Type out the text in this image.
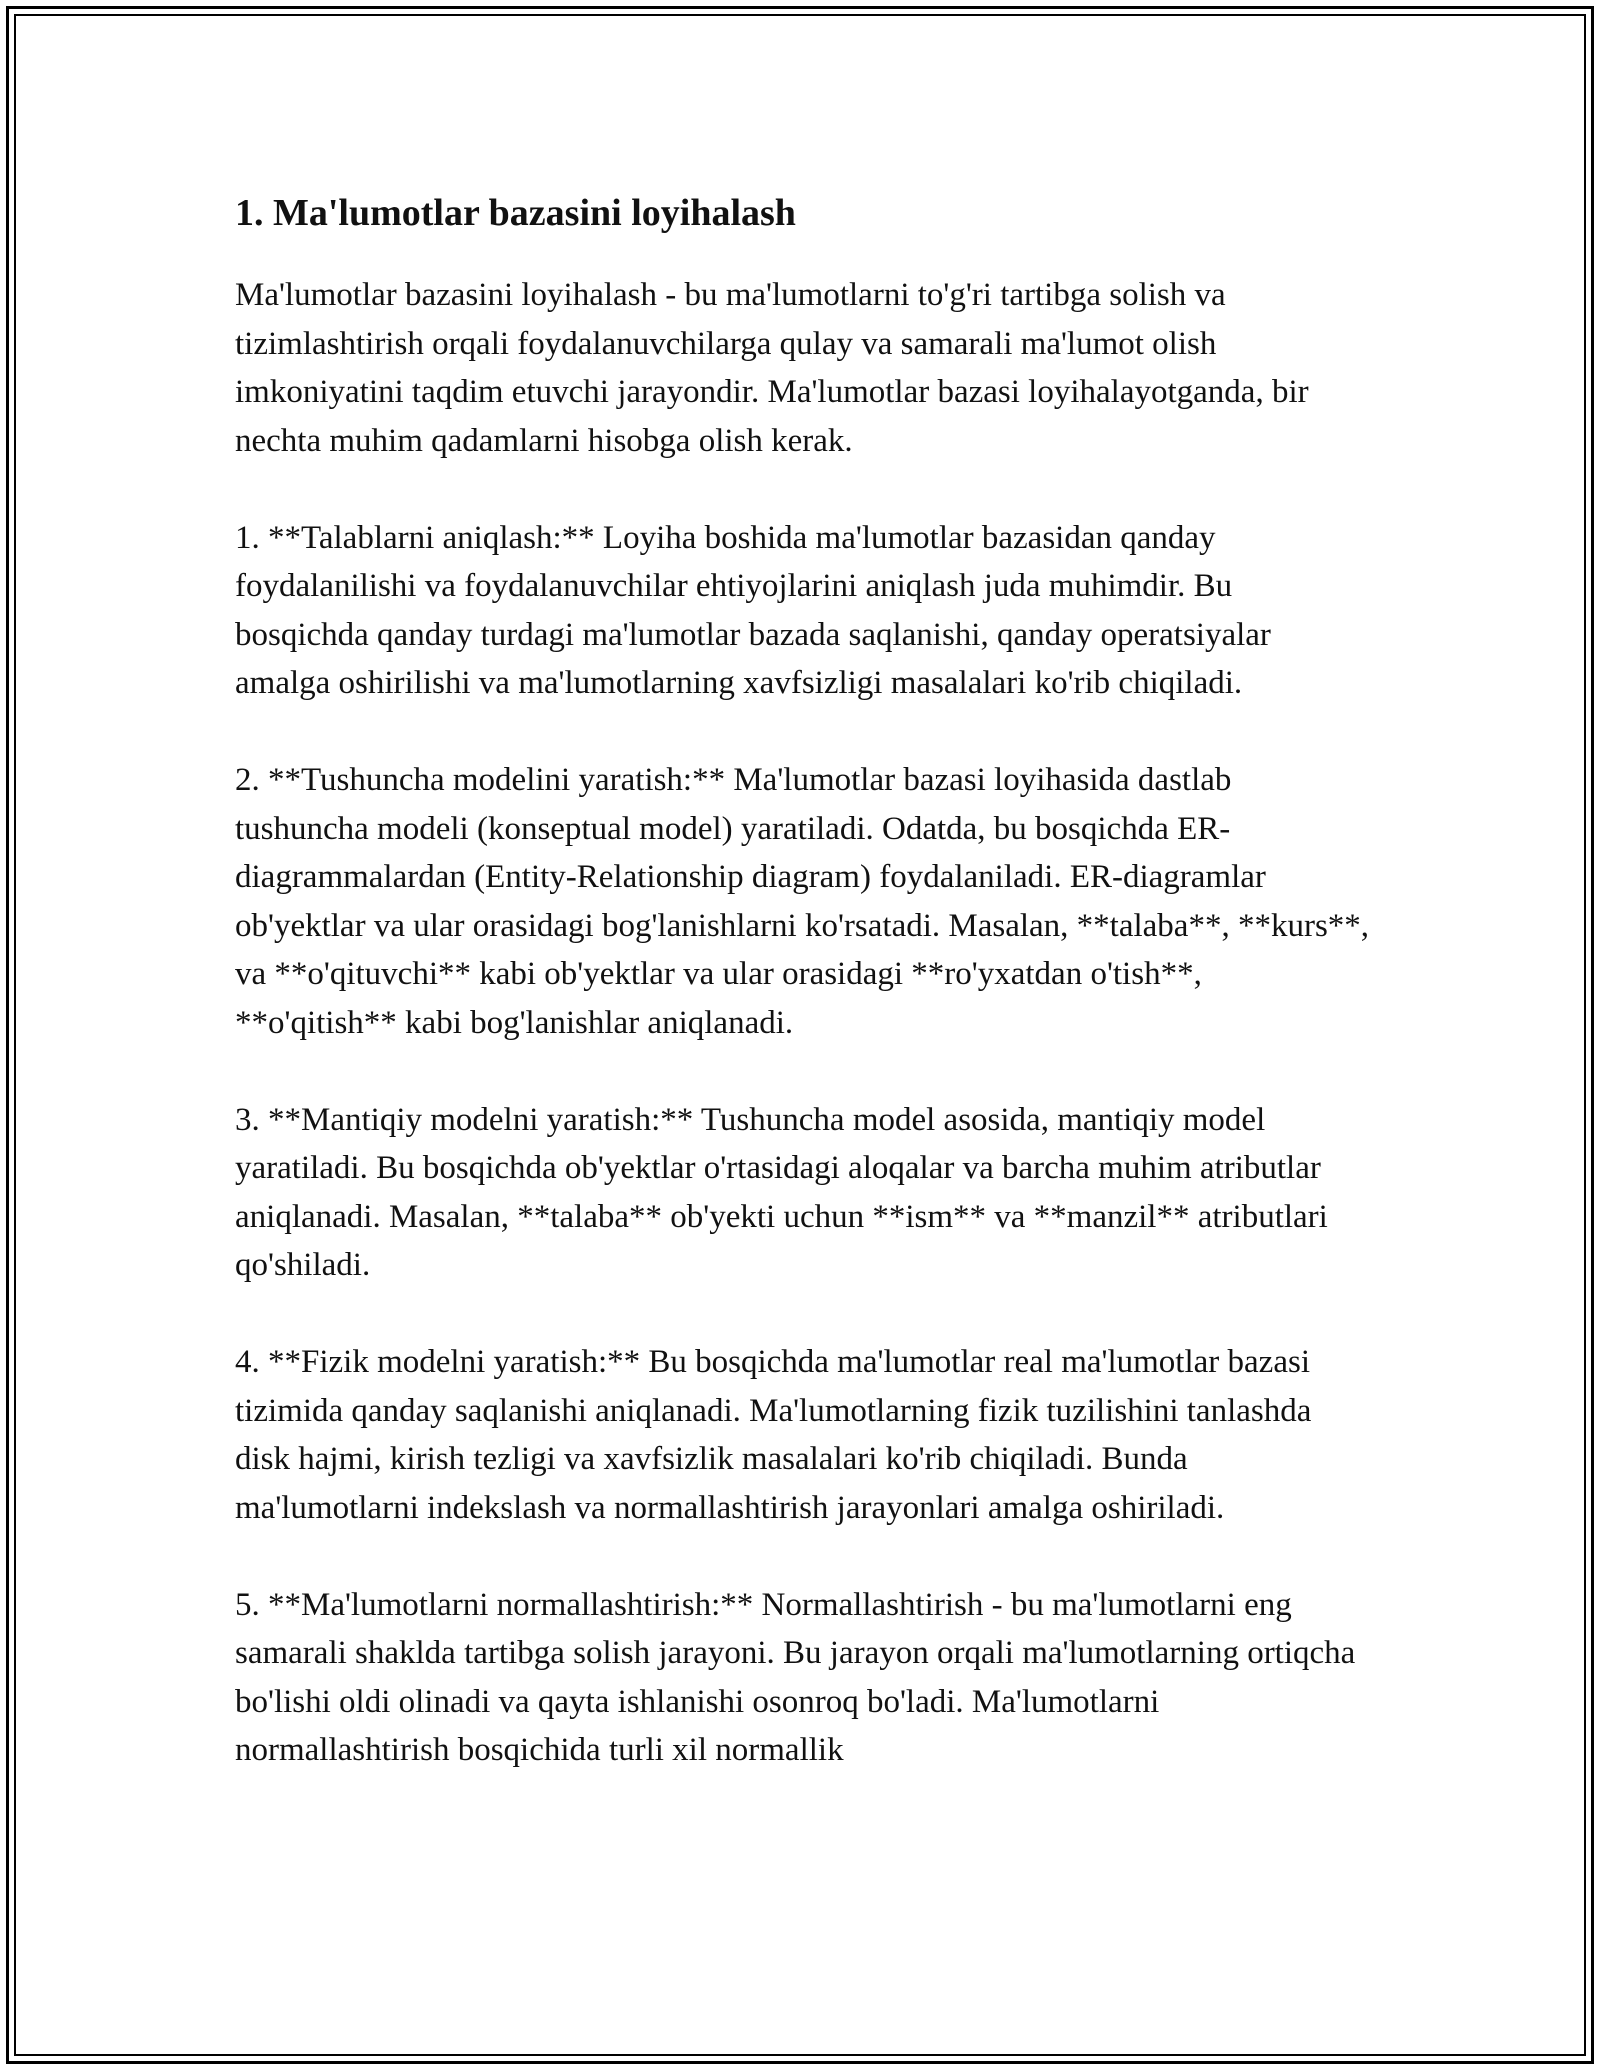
1. Ma'lumotlar bazasini loyihalash

Ma'lumotlar bazasini loyihalash - bu ma'lumotlarni to'g'ri tartibga solish va tizimlashtirish orqali foydalanuvchilarga qulay va samarali ma'lumot olish imkoniyatini taqdim etuvchi jarayondir. Ma'lumotlar bazasi loyihalayotganda, bir nechta muhim qadamlarni hisobga olish kerak.

1. **Talablarni aniqlash:** Loyiha boshida ma'lumotlar bazasidan qanday foydalanilishi va foydalanuvchilar ehtiyojlarini aniqlash juda muhimdir. Bu bosqichda qanday turdagi ma'lumotlar bazada saqlanishi, qanday operatsiyalar amalga oshirilishi va ma'lumotlarning xavfsizligi masalalari ko'rib chiqiladi.

2. **Tushuncha modelini yaratish:** Ma'lumotlar bazasi loyihasida dastlab tushuncha modeli (konseptual model) yaratiladi. Odatda, bu bosqichda ER-diagrammalardan (Entity-Relationship diagram) foydalaniladi. ER-diagramlar ob'yektlar va ular orasidagi bog'lanishlarni ko'rsatadi. Masalan, **talaba**, **kurs**, va **o'qituvchi** kabi ob'yektlar va ular orasidagi **ro'yxatdan o'tish**, **o'qitish** kabi bog'lanishlar aniqlanadi.

3. **Mantiqiy modelni yaratish:** Tushuncha model asosida, mantiqiy model yaratiladi. Bu bosqichda ob'yektlar o'rtasidagi aloqalar va barcha muhim atributlar aniqlanadi. Masalan, **talaba** ob'yekti uchun **ism** va **manzil** atributlari qo'shiladi.

4. **Fizik modelni yaratish:** Bu bosqichda ma'lumotlar real ma'lumotlar bazasi tizimida qanday saqlanishi aniqlanadi. Ma'lumotlarning fizik tuzilishini tanlashda disk hajmi, kirish tezligi va xavfsizlik masalalari ko'rib chiqiladi. Bunda ma'lumotlarni indekslash va normallashtirish jarayonlari amalga oshiriladi.

5. **Ma'lumotlarni normallashtirish:** Normallashtirish - bu ma'lumotlarni eng samarali shaklda tartibga solish jarayoni. Bu jarayon orqali ma'lumotlarning ortiqcha bo'lishi oldi olinadi va qayta ishlanishi osonroq bo'ladi. Ma'lumotlarni normallashtirish bosqichida turli xil normallik
